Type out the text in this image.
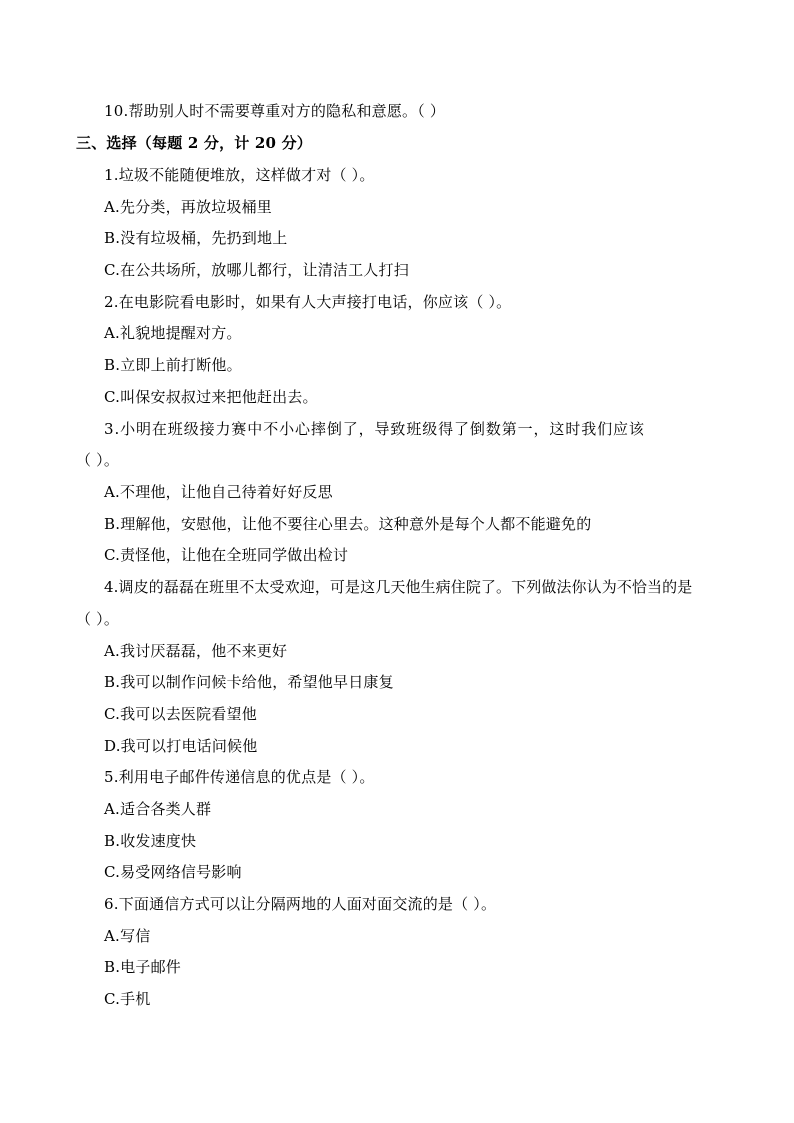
10.帮助别人时不需要尊重对方的隐私和意愿。（ ）
三、选择（每题 2 分，计 20 分）
1.垃圾不能随便堆放，这样做才对（ ）。
A.先分类，再放垃圾桶里
B.没有垃圾桶，先扔到地上
C.在公共场所，放哪儿都行，让清洁工人打扫
2.在电影院看电影时，如果有人大声接打电话，你应该（ ）。
A.礼貌地提醒对方。
B.立即上前打断他。
C.叫保安叔叔过来把他赶出去。
3.小明在班级接力赛中不小心摔倒了，导致班级得了倒数第一，这时我们应该
（ ）。
A.不理他，让他自己待着好好反思
B.理解他，安慰他，让他不要往心里去。这种意外是每个人都不能避免的
C.责怪他，让他在全班同学做出检讨
4.调皮的磊磊在班里不太受欢迎，可是这几天他生病住院了。下列做法你认为不恰当的是
（ ）。
A.我讨厌磊磊，他不来更好
B.我可以制作问候卡给他，希望他早日康复
C.我可以去医院看望他
D.我可以打电话问候他
5.利用电子邮件传递信息的优点是（ ）。
A.适合各类人群
B.收发速度快
C.易受网络信号影响
6.下面通信方式可以让分隔两地的人面对面交流的是（ ）。
A.写信
B.电子邮件
C.手机
